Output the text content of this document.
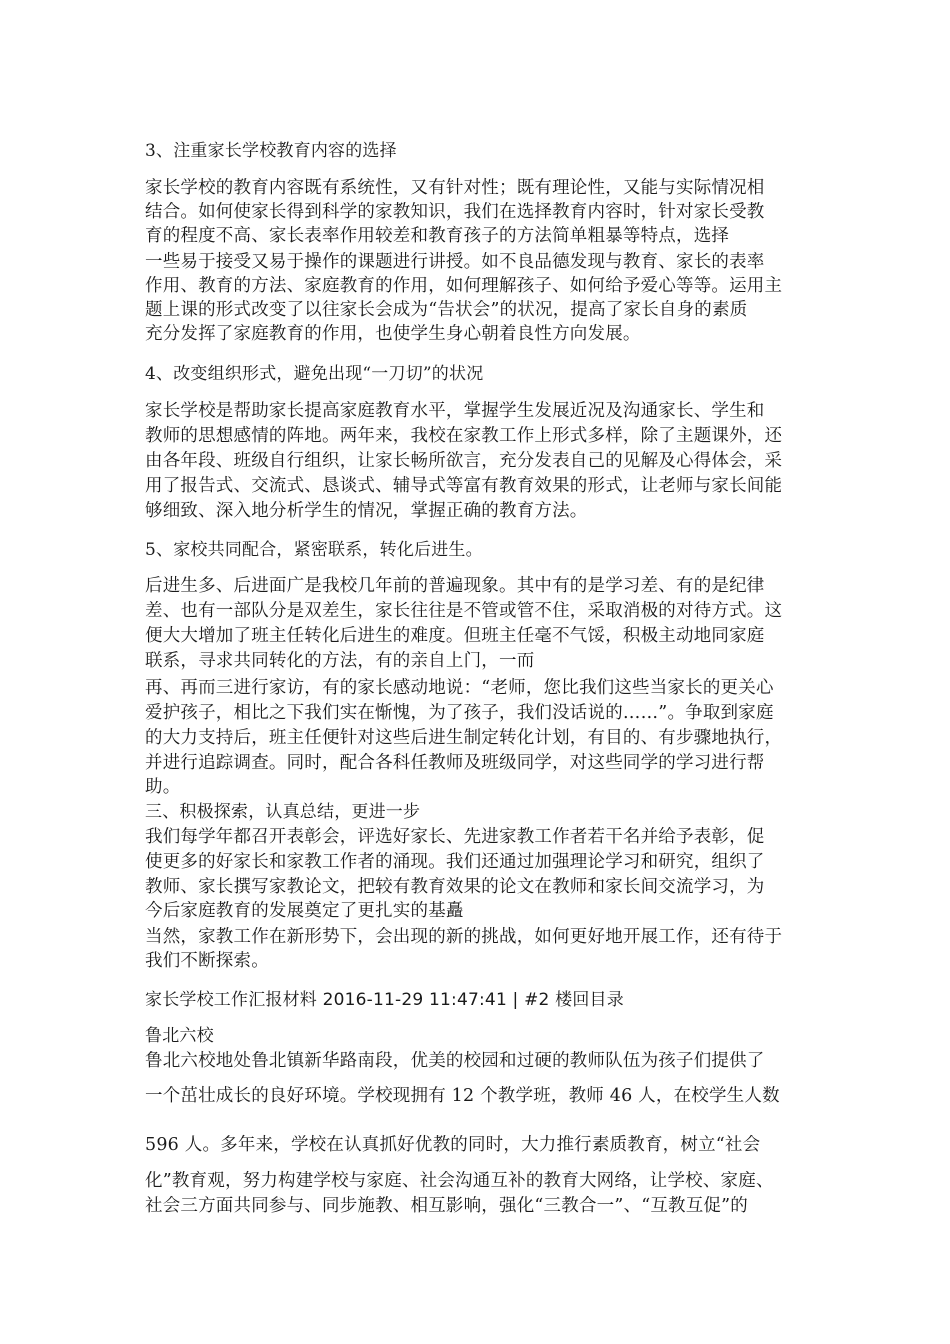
3、注重家长学校教育内容的选择
家长学校的教育内容既有系统性，又有针对性；既有理论性，又能与实际情况相
结合。如何使家长得到科学的家教知识，我们在选择教育内容时，针对家长受教
育的程度不高、家长表率作用较差和教育孩子的方法简单粗暴等特点，选择
一些易于接受又易于操作的课题进行讲授。如不良品德发现与教育、家长的表率
作用、教育的方法、家庭教育的作用，如何理解孩子、如何给予爱心等等。运用主
题上课的形式改变了以往家长会成为“告状会”的状况，提高了家长自身的素质
充分发挥了家庭教育的作用，也使学生身心朝着良性方向发展。
4、改变组织形式，避免出现“一刀切”的状况
家长学校是帮助家长提高家庭教育水平，掌握学生发展近况及沟通家长、学生和
教师的思想感情的阵地。两年来，我校在家教工作上形式多样，除了主题课外，还
由各年段、班级自行组织，让家长畅所欲言，充分发表自己的见解及心得体会，采
用了报告式、交流式、恳谈式、辅导式等富有教育效果的形式，让老师与家长间能
够细致、深入地分析学生的情况，掌握正确的教育方法。
5、家校共同配合，紧密联系，转化后进生。
后进生多、后进面广是我校几年前的普遍现象。其中有的是学习差、有的是纪律
差、也有一部队分是双差生，家长往往是不管或管不住，采取消极的对待方式。这
便大大增加了班主任转化后进生的难度。但班主任毫不气馁，积极主动地同家庭
联系，寻求共同转化的方法，有的亲自上门，一而
再、再而三进行家访，有的家长感动地说：“老师，您比我们这些当家长的更关心
爱护孩子，相比之下我们实在惭愧，为了孩子，我们没话说的……”。争取到家庭
的大力支持后，班主任便针对这些后进生制定转化计划，有目的、有步骤地执行，
并进行追踪调查。同时，配合各科任教师及班级同学，对这些同学的学习进行帮
助。
三、积极探索，认真总结，更进一步
我们每学年都召开表彰会，评选好家长、先进家教工作者若干名并给予表彰，促
使更多的好家长和家教工作者的涌现。我们还通过加强理论学习和研究，组织了
教师、家长撰写家教论文，把较有教育效果的论文在教师和家长间交流学习，为
今后家庭教育的发展奠定了更扎实的基矗
当然，家教工作在新形势下，会出现的新的挑战，如何更好地开展工作，还有待于
我们不断探索。
家长学校工作汇报材料 2016-11-29 11:47:41 | #2 楼回目录
鲁北六校
鲁北六校地处鲁北镇新华路南段，优美的校园和过硬的教师队伍为孩子们提供了
一个茁壮成长的良好环境。学校现拥有 12 个教学班，教师 46 人，在校学生人数
596 人。多年来，学校在认真抓好优教的同时，大力推行素质教育，树立“社会
化”教育观，努力构建学校与家庭、社会沟通互补的教育大网络，让学校、家庭、
社会三方面共同参与、同步施教、相互影响，强化“三教合一”、“互教互促”的
